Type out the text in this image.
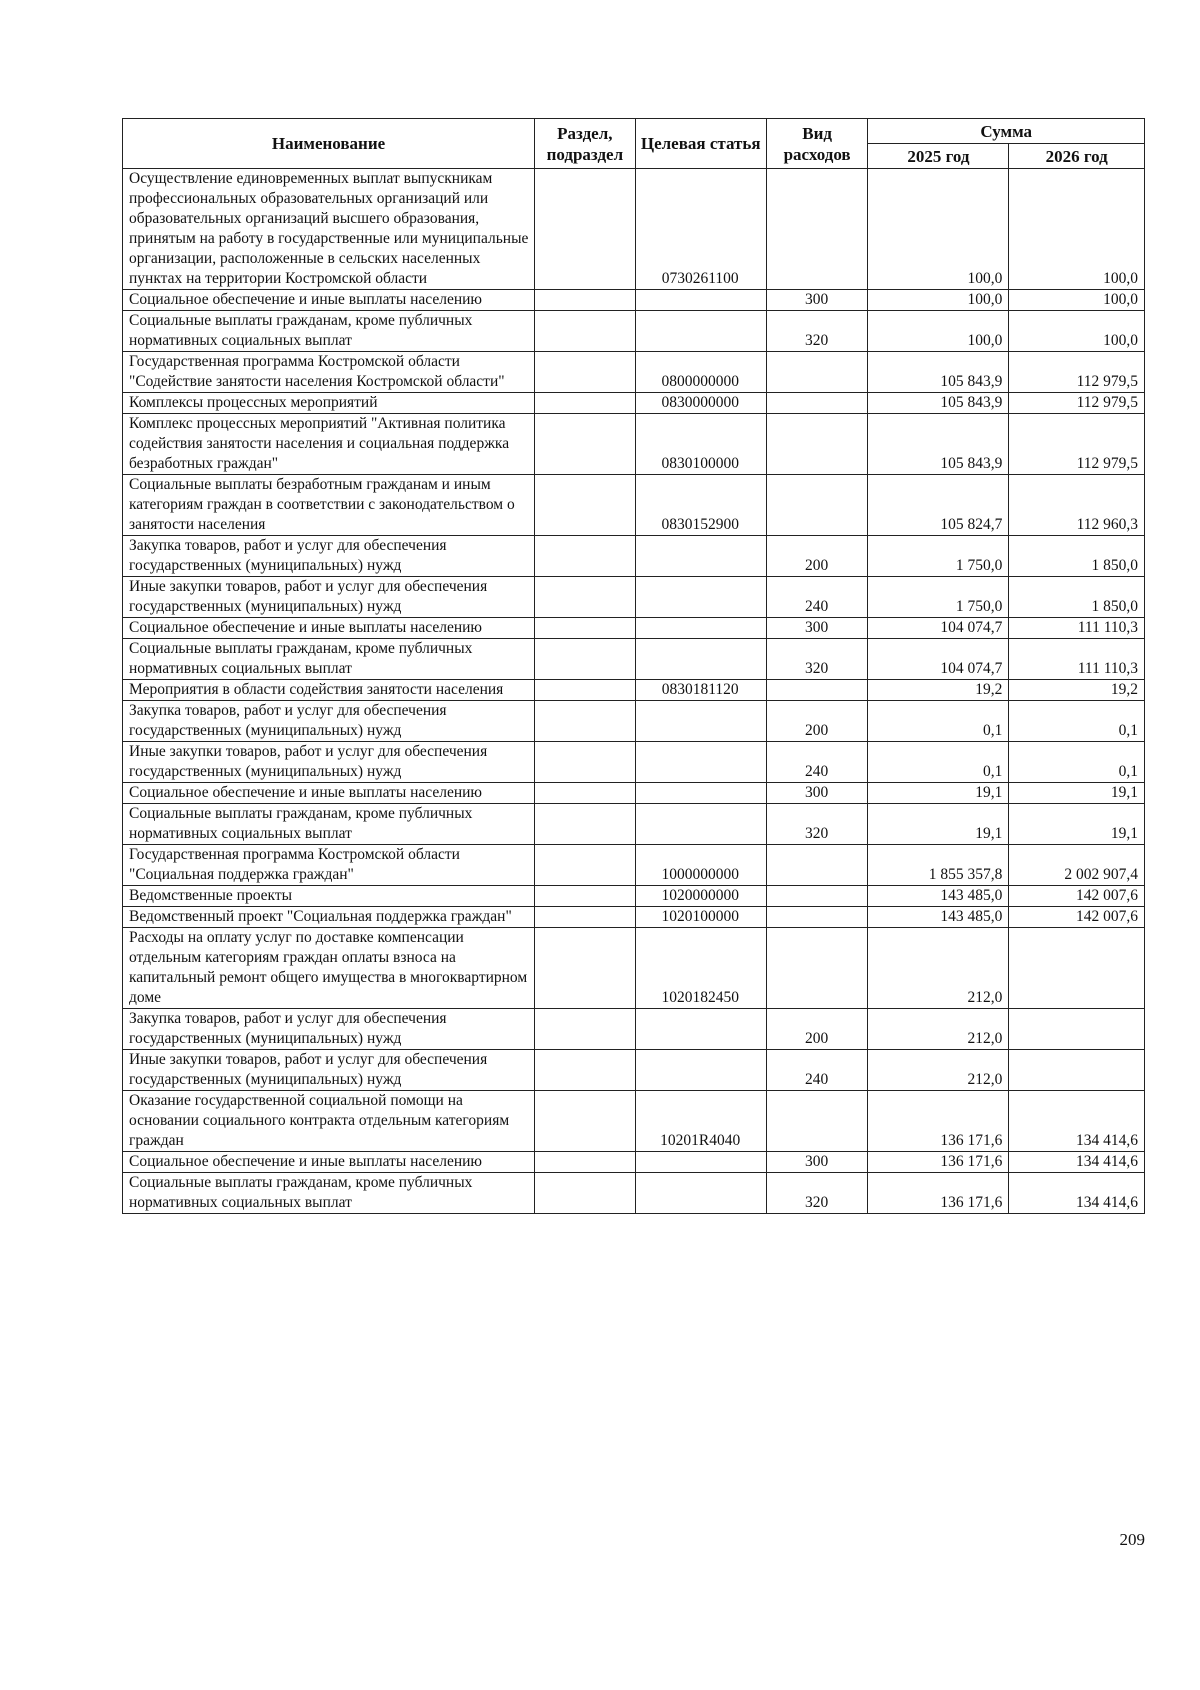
Наименование	Раздел, подраздел	Целевая статья	Вид расходов	Сумма	
				2025 год	2026 год
Осуществление единовременных выплат выпускникам профессиональных образовательных организаций или образовательных организаций высшего образования, принятым на работу в государственные или муниципальные организации, расположенные в сельских населенных пунктах на территории Костромской области		0730261100		100,0	100,0
Социальное обеспечение и иные выплаты населению			300	100,0	100,0
Социальные выплаты гражданам, кроме публичных нормативных социальных выплат			320	100,0	100,0
Государственная программа Костромской области "Содействие занятости населения Костромской области"		0800000000		105 843,9	112 979,5
Комплексы процессных мероприятий		0830000000		105 843,9	112 979,5
Комплекс процессных мероприятий "Активная политика содействия занятости населения и социальная поддержка безработных граждан"		0830100000		105 843,9	112 979,5
Социальные выплаты безработным гражданам и иным категориям граждан в соответствии с законодательством о занятости населения		0830152900		105 824,7	112 960,3
Закупка товаров, работ и услуг для обеспечения государственных (муниципальных) нужд			200	1 750,0	1 850,0
Иные закупки товаров, работ и услуг для обеспечения государственных (муниципальных) нужд			240	1 750,0	1 850,0
Социальное обеспечение и иные выплаты населению			300	104 074,7	111 110,3
Социальные выплаты гражданам, кроме публичных нормативных социальных выплат			320	104 074,7	111 110,3
Мероприятия в области содействия занятости населения		0830181120		19,2	19,2
Закупка товаров, работ и услуг для обеспечения государственных (муниципальных) нужд			200	0,1	0,1
Иные закупки товаров, работ и услуг для обеспечения государственных (муниципальных) нужд			240	0,1	0,1
Социальное обеспечение и иные выплаты населению			300	19,1	19,1
Социальные выплаты гражданам, кроме публичных нормативных социальных выплат			320	19,1	19,1
Государственная программа Костромской области "Социальная поддержка граждан"		1000000000		1 855 357,8	2 002 907,4
Ведомственные проекты		1020000000		143 485,0	142 007,6
Ведомственный проект "Социальная поддержка граждан"		1020100000		143 485,0	142 007,6
Расходы на оплату услуг по доставке компенсации отдельным категориям граждан оплаты взноса на капитальный ремонт общего имущества в многоквартирном доме		1020182450		212,0	
Закупка товаров, работ и услуг для обеспечения государственных (муниципальных) нужд			200	212,0	
Иные закупки товаров, работ и услуг для обеспечения государственных (муниципальных) нужд			240	212,0	
Оказание государственной социальной помощи на основании социального контракта отдельным категориям граждан		10201R4040		136 171,6	134 414,6
Социальное обеспечение и иные выплаты населению			300	136 171,6	134 414,6
Социальные выплаты гражданам, кроме публичных нормативных социальных выплат			320	136 171,6	134 414,6
209
